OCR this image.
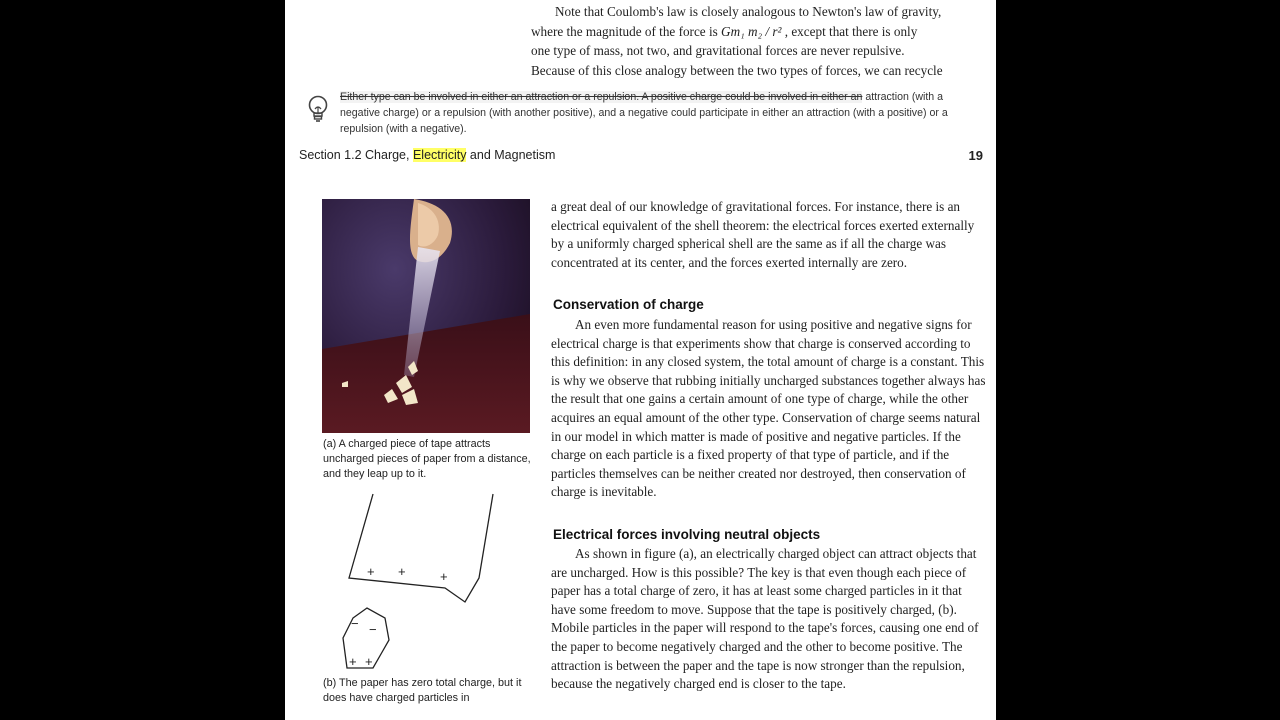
Note that Coulomb's law is closely analogous to Newton's law of gravity,

where the magnitude of the force is Gm₁ m₂ / r² , except that there is only

one type of mass, not two, and gravitational forces are never repulsive.

Because of this close analogy between the two types of forces, we can recycle

Either type can be involved in either an attraction or a repulsion. A positive charge could be involved in either an attraction (with a negative charge) or a repulsion (with another positive), and a negative could participate in either an attraction (with a positive) or a repulsion (with a negative).
Section 1.2 Charge, Electricity and Magnetism	19
(a) A charged piece of tape attracts uncharged pieces of paper from a distance, and they leap up to it.
+ +	+
− −
+ +
(b) The paper has zero total charge, but it does have charged particles in

a great deal of our knowledge of gravitational forces. For instance, there is an electrical equivalent of the shell theorem: the electrical forces exerted externally by a uniformly charged spherical shell are the same as if all the charge was concentrated at its center, and the forces exerted internally are zero.

Conservation of charge

An even more fundamental reason for using positive and negative signs for electrical charge is that experiments show that charge is conserved according to this definition: in any closed system, the total amount of charge is a constant. This is why we observe that rubbing initially uncharged substances together always has the result that one gains a certain amount of one type of charge, while the other acquires an equal amount of the other type. Conservation of charge seems natural in our model in which matter is made of positive and negative particles. If the charge on each particle is a fixed property of that type of particle, and if the particles themselves can be neither created nor destroyed, then conservation of charge is inevitable.

Electrical forces involving neutral objects

As shown in figure (a), an electrically charged object can attract objects that are uncharged. How is this possible? The key is that even though each piece of paper has a total charge of zero, it has at least some charged particles in it that have some freedom to move. Suppose that the tape is positively charged, (b). Mobile particles in the paper will respond to the tape's forces, causing one end of the paper to become negatively charged and the other to become positive. The attraction is between the paper and the tape is now stronger than the repulsion, because the negatively charged end is closer to the tape.
